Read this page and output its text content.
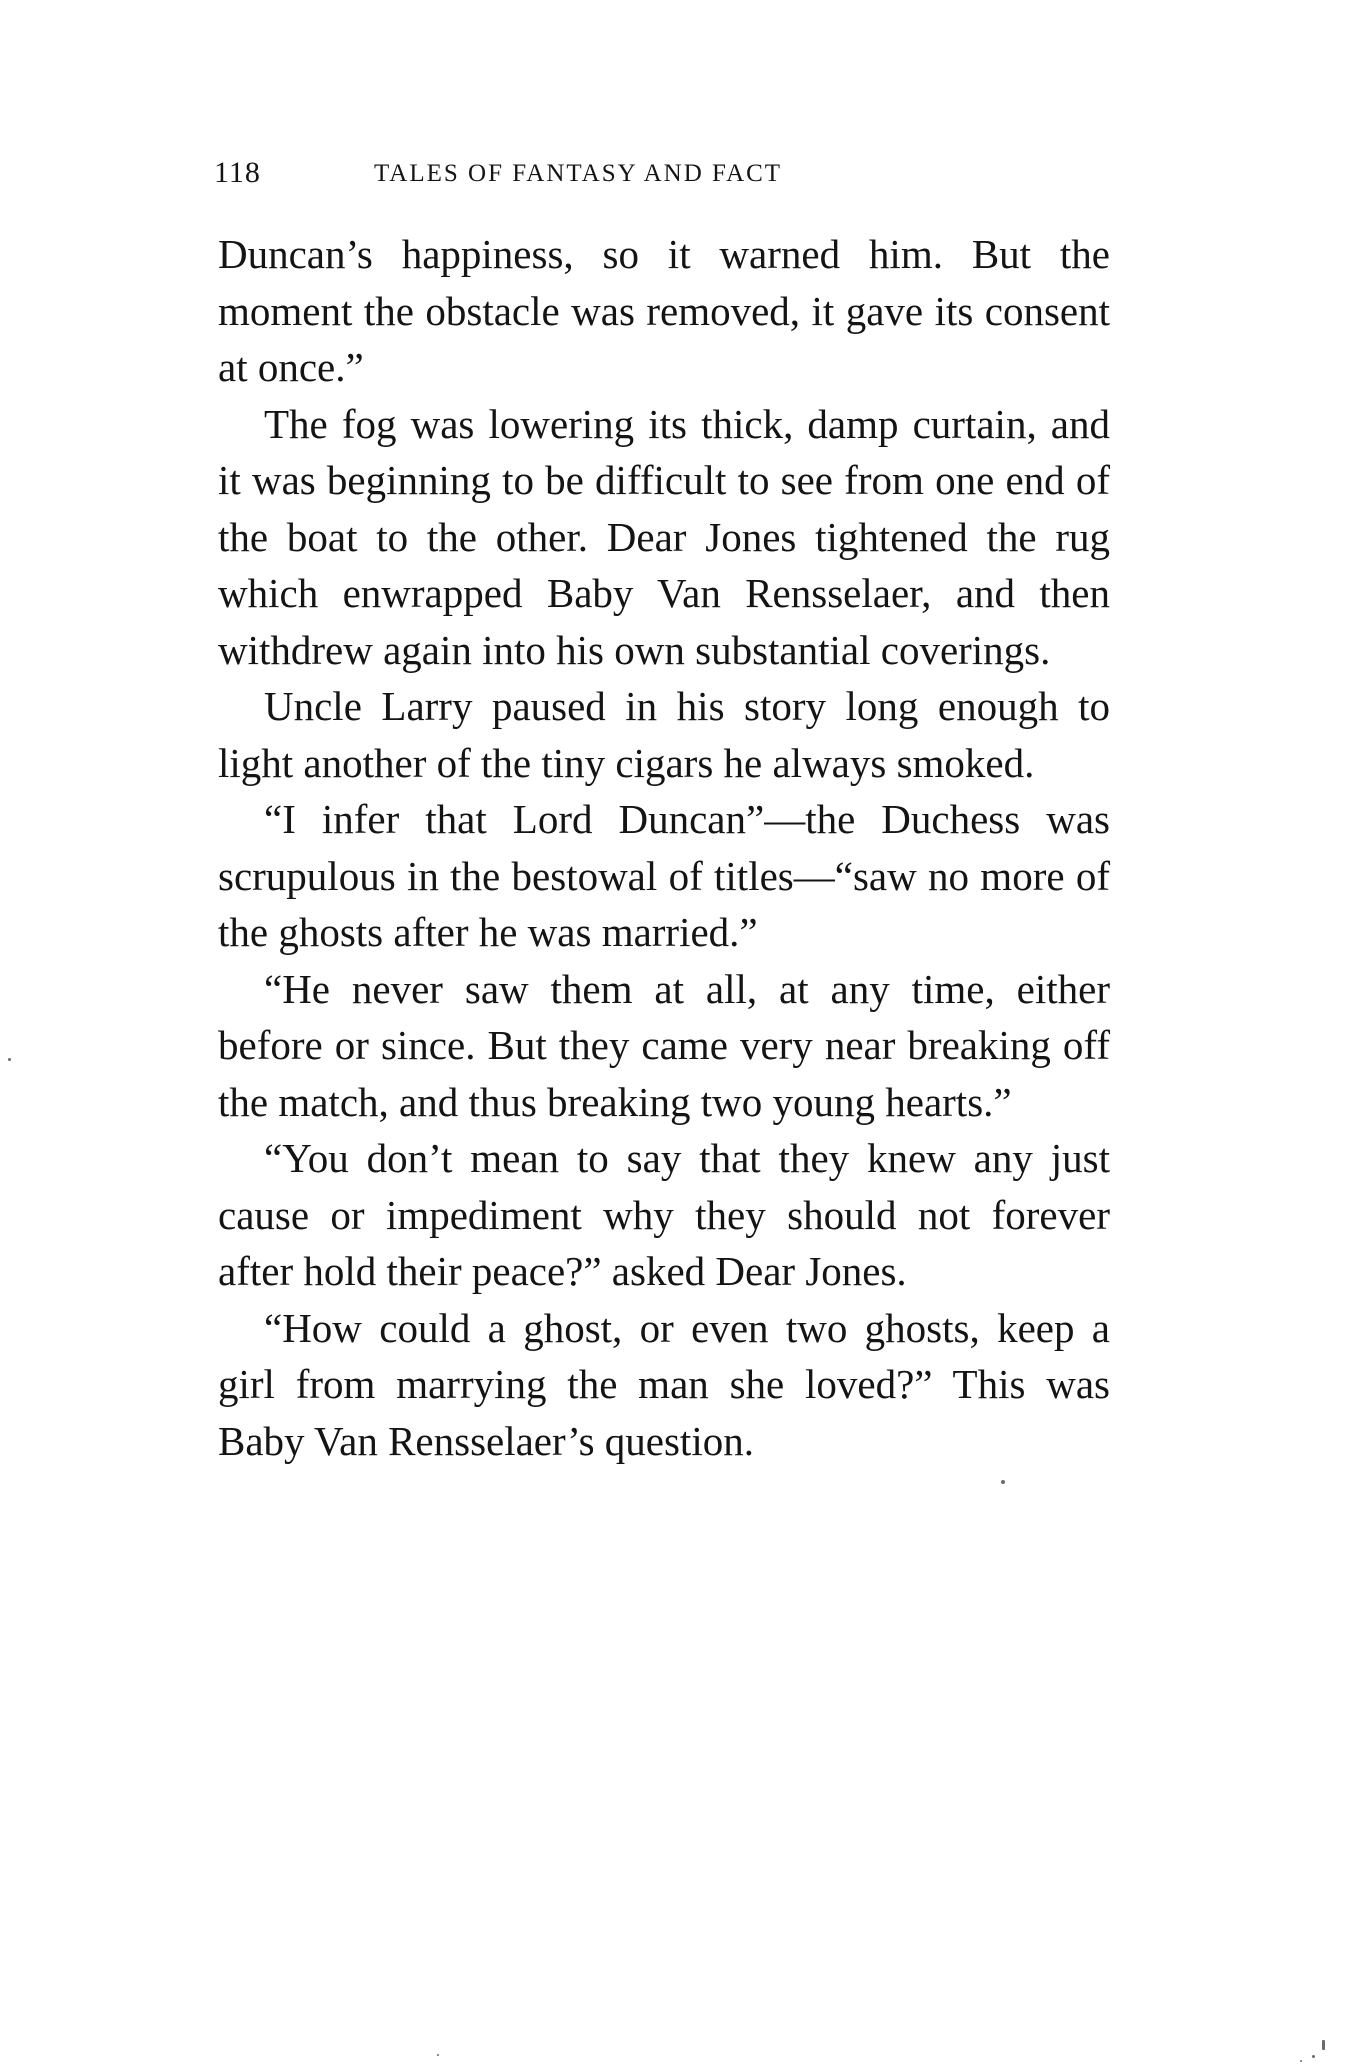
118	TALES OF FANTASY AND FACT

Duncan’s happiness, so it warned him. But the moment the obstacle was removed, it gave its consent at once.”

The fog was lowering its thick, damp curtain, and it was beginning to be difficult to see from one end of the boat to the other. Dear Jones tightened the rug which enwrapped Baby Van Rensselaer, and then withdrew again into his own substantial coverings.

Uncle Larry paused in his story long enough to light another of the tiny cigars he always smoked.

“I infer that Lord Duncan”—the Duchess was scrupulous in the bestowal of titles—“saw no more of the ghosts after he was married.”

“He never saw them at all, at any time, either before or since. But they came very near breaking off the match, and thus breaking two young hearts.”

“You don’t mean to say that they knew any just cause or impediment why they should not forever after hold their peace?” asked Dear Jones.

“How could a ghost, or even two ghosts, keep a girl from marrying the man she loved?” This was Baby Van Rensselaer’s question.
